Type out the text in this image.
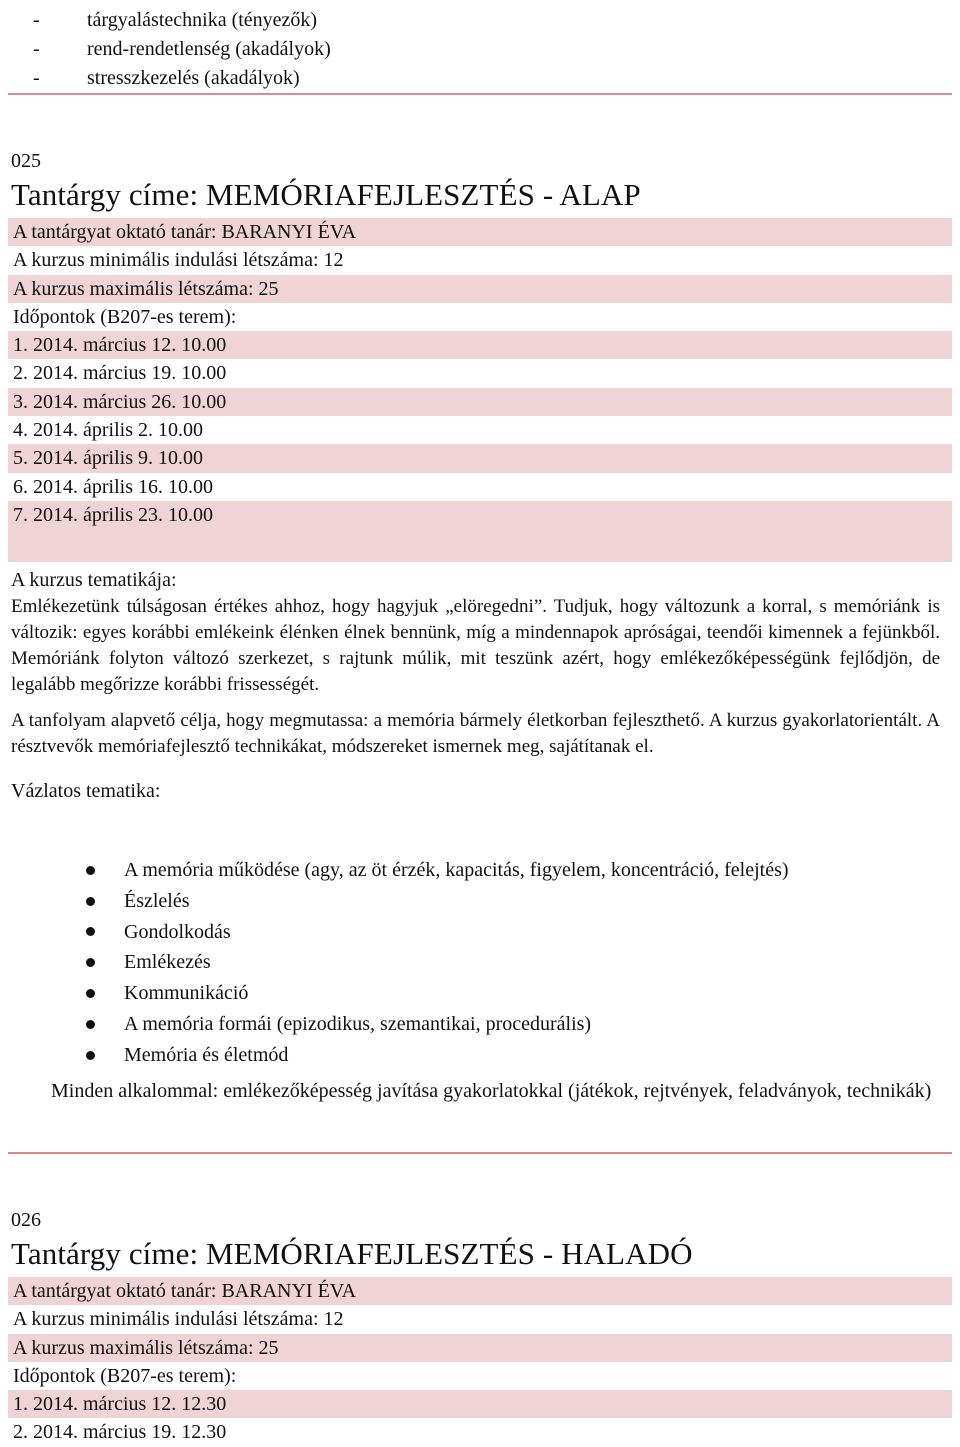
-	tárgyalástechnika (tényezők)
-	rend-rendetlenség (akadályok)
-	stresszkezelés (akadályok)
025
Tantárgy címe: MEMÓRIAFEJLESZTÉS - ALAP
A tantárgyat oktató tanár: BARANYI ÉVA
A kurzus minimális indulási létszáma: 12
A kurzus maximális létszáma: 25
Időpontok (B207-es terem):
1. 2014. március 12. 10.00
2. 2014. március 19. 10.00
3. 2014. március 26. 10.00
4. 2014. április 2. 10.00
5. 2014. április 9. 10.00
6. 2014. április 16. 10.00
7. 2014. április 23. 10.00
A kurzus tematikája:

Emlékezetünk túlságosan értékes ahhoz, hogy hagyjuk „elöregedni”. Tudjuk, hogy változunk a korral, s memóriánk is változik: egyes korábbi emlékeink élénken élnek bennünk, míg a mindennapok apróságai, teendői kimennek a fejünkből. Memóriánk folyton változó szerkezet, s rajtunk múlik, mit teszünk azért, hogy emlékezőképességünk fejlődjön, de legalább megőrizze korábbi frissességét.

A tanfolyam alapvető célja, hogy megmutassa: a memória bármely életkorban fejleszthető. A kurzus gyakorlatorientált. A résztvevők memóriafejlesztő technikákat, módszereket ismernek meg, sajátítanak el.

Vázlatos tematika:
A memória működése (agy, az öt érzék, kapacitás, figyelem, koncentráció, felejtés)
Észlelés
Gondolkodás
Emlékezés
Kommunikáció
A memória formái (epizodikus, szemantikai, procedurális)
Memória és életmód

Minden alkalommal: emlékezőképesség javítása gyakorlatokkal (játékok, rejtvények, feladványok, technikák)

026
Tantárgy címe: MEMÓRIAFEJLESZTÉS - HALADÓ
A tantárgyat oktató tanár: BARANYI ÉVA
A kurzus minimális indulási létszáma: 12
A kurzus maximális létszáma: 25
Időpontok (B207-es terem):
1. 2014. március 12. 12.30
2. 2014. március 19. 12.30
